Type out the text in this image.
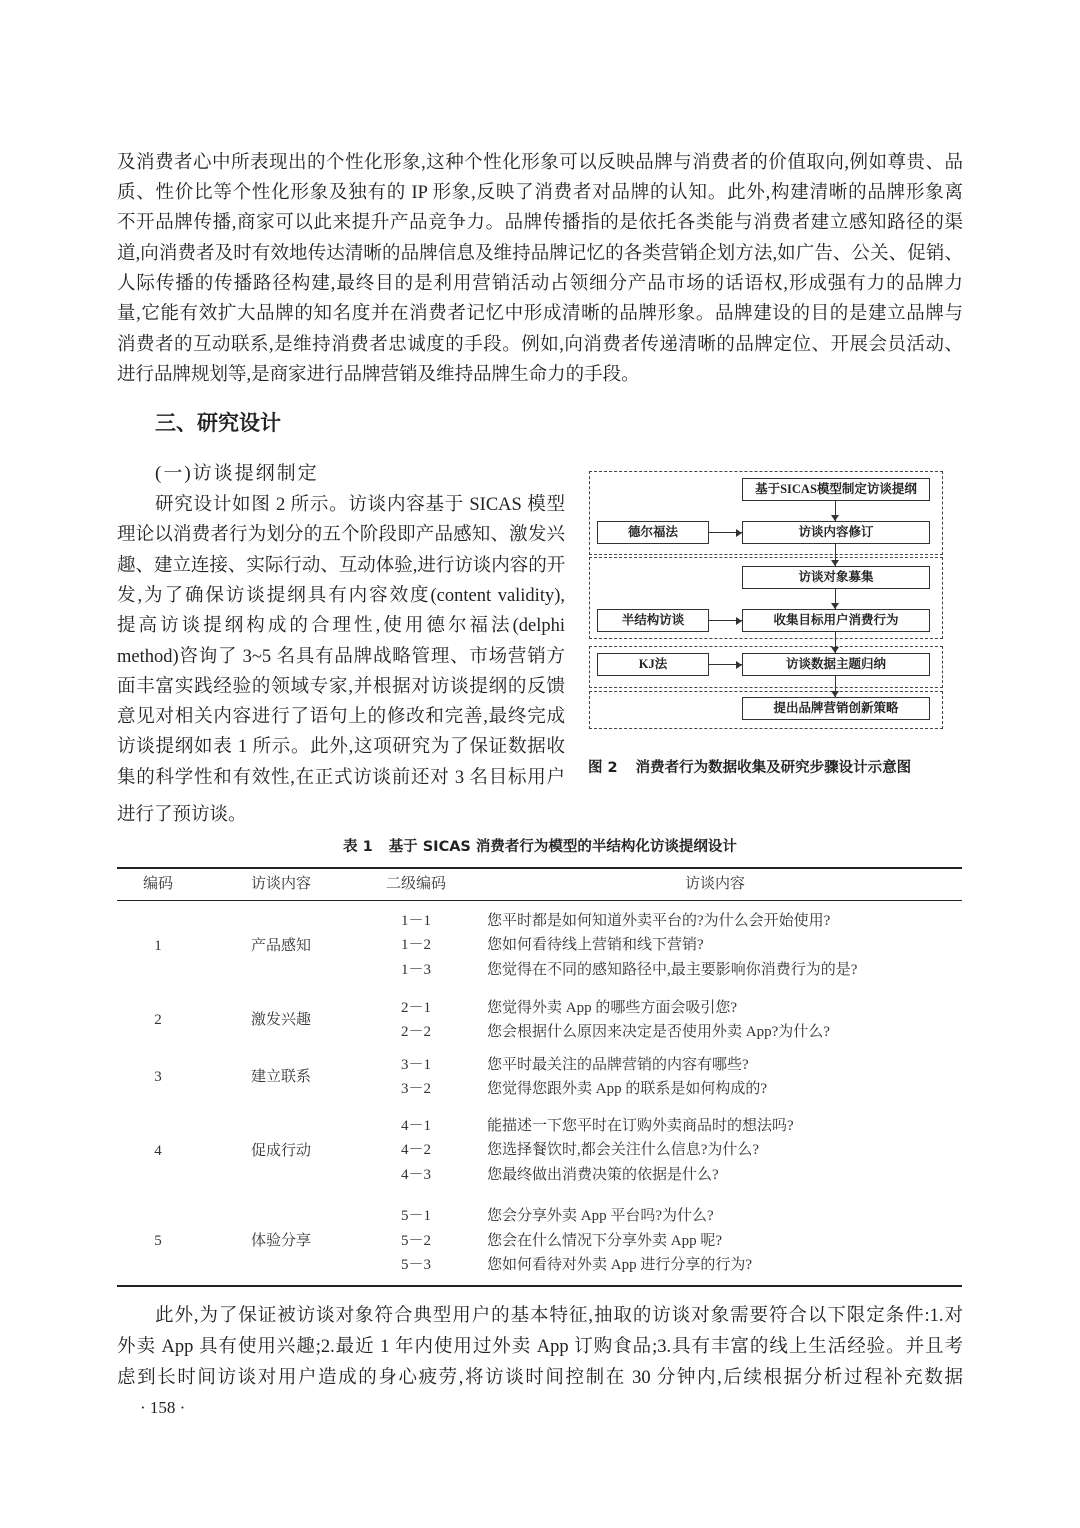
及消费者心中所表现出的个性化形象,这种个性化形象可以反映品牌与消费者的价值取向,例如尊贵、品
质、性价比等个性化形象及独有的 IP 形象,反映了消费者对品牌的认知。此外,构建清晰的品牌形象离
不开品牌传播,商家可以此来提升产品竞争力。品牌传播指的是依托各类能与消费者建立感知路径的渠
道,向消费者及时有效地传达清晰的品牌信息及维持品牌记忆的各类营销企划方法,如广告、公关、促销、
人际传播的传播路径构建,最终目的是利用营销活动占领细分产品市场的话语权,形成强有力的品牌力
量,它能有效扩大品牌的知名度并在消费者记忆中形成清晰的品牌形象。品牌建设的目的是建立品牌与
消费者的互动联系,是维持消费者忠诚度的手段。例如,向消费者传递清晰的品牌定位、开展会员活动、
进行品牌规划等,是商家进行品牌营销及维持品牌生命力的手段。
三、研究设计
(一)访谈提纲制定
研究设计如图 2 所示。访谈内容基于 SICAS 模型
理论以消费者行为划分的五个阶段即产品感知、激发兴
趣、建立连接、实际行动、互动体验,进行访谈内容的开
发,为了确保访谈提纲具有内容效度(content validity),
提高访谈提纲构成的合理性,使用德尔福法(delphi
method)咨询了 3~5 名具有品牌战略管理、市场营销方
面丰富实践经验的领域专家,并根据对访谈提纲的反馈
意见对相关内容进行了语句上的修改和完善,最终完成
访谈提纲如表 1 所示。此外,这项研究为了保证数据收
集的科学性和有效性,在正式访谈前还对 3 名目标用户
进行了预访谈。
基于SICAS模型制定访谈提纲
访谈内容修订
访谈对象募集
收集目标用户消费行为
访谈数据主题归纳
提出品牌营销创新策略
德尔福法
半结构访谈
KJ法
图 2 消费者行为数据收集及研究步骤设计示意图
表 1 基于 SICAS 消费者行为模型的半结构化访谈提纲设计
编码	访谈内容	二级编码	访谈内容
1	产品感知
1－1	您平时都是如何知道外卖平台的?为什么会开始使用?
1－2	您如何看待线上营销和线下营销?
1－3	您觉得在不同的感知路径中,最主要影响你消费行为的是?
2	激发兴趣
2－1	您觉得外卖 App 的哪些方面会吸引您?
2－2	您会根据什么原因来决定是否使用外卖 App?为什么?
3	建立联系
3－1	您平时最关注的品牌营销的内容有哪些?
3－2	您觉得您跟外卖 App 的联系是如何构成的?
4	促成行动
4－1	能描述一下您平时在订购外卖商品时的想法吗?
4－2	您选择餐饮时,都会关注什么信息?为什么?
4－3	您最终做出消费决策的依据是什么?
5	体验分享
5－1	您会分享外卖 App 平台吗?为什么?
5－2	您会在什么情况下分享外卖 App 呢?
5－3	您如何看待对外卖 App 进行分享的行为?
此外,为了保证被访谈对象符合典型用户的基本特征,抽取的访谈对象需要符合以下限定条件:1.对
外卖 App 具有使用兴趣;2.最近 1 年内使用过外卖 App 订购食品;3.具有丰富的线上生活经验。并且考
虑到长时间访谈对用户造成的身心疲劳,将访谈时间控制在 30 分钟内,后续根据分析过程补充数据
· 158 ·
